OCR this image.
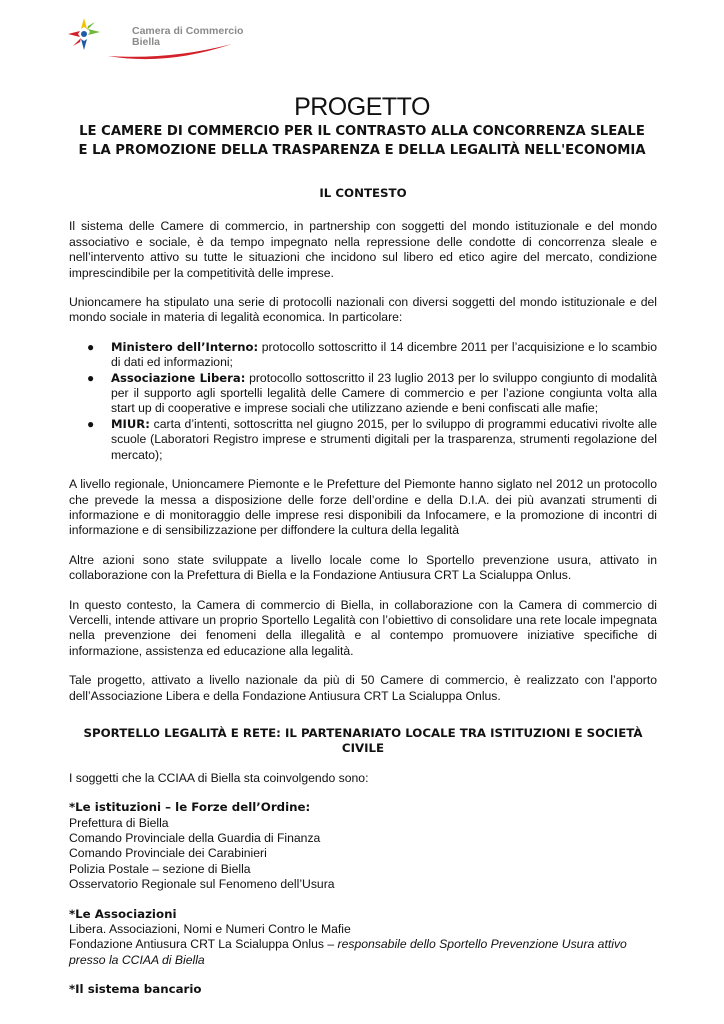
Camera di Commercio
Biella
PROGETTO
LE CAMERE DI COMMERCIO PER IL CONTRASTO ALLA CONCORRENZA SLEALE
E LA PROMOZIONE DELLA TRASPARENZA E DELLA LEGALITÀ NELL'ECONOMIA
IL CONTESTO

Il sistema delle Camere di commercio, in partnership con soggetti del mondo istituzionale e del mondo associativo e sociale, è da tempo impegnato nella repressione delle condotte di concorrenza sleale e nell’intervento attivo su tutte le situazioni che incidono sul libero ed etico agire del mercato, condizione imprescindibile per la competitività delle imprese.

Unioncamere ha stipulato una serie di protocolli nazionali con diversi soggetti del mondo istituzionale e del mondo sociale in materia di legalità economica. In particolare:

● Ministero dell’Interno: protocollo sottoscritto il 14 dicembre 2011 per l’acquisizione e lo scambio di dati ed informazioni;
● Associazione Libera: protocollo sottoscritto il 23 luglio 2013 per lo sviluppo congiunto di modalità per il supporto agli sportelli legalità delle Camere di commercio e per l’azione congiunta volta alla start up di cooperative e imprese sociali che utilizzano aziende e beni confiscati alle mafie;
● MIUR: carta d’intenti, sottoscritta nel giugno 2015, per lo sviluppo di programmi educativi rivolte alle scuole (Laboratori Registro imprese e strumenti digitali per la trasparenza, strumenti regolazione del mercato);

A livello regionale, Unioncamere Piemonte e le Prefetture del Piemonte hanno siglato nel 2012 un protocollo che prevede la messa a disposizione delle forze dell’ordine e della D.I.A. dei più avanzati strumenti di informazione e di monitoraggio delle imprese resi disponibili da Infocamere, e la promozione di incontri di informazione e di sensibilizzazione per diffondere la cultura della legalità

Altre azioni sono state sviluppate a livello locale come lo Sportello prevenzione usura, attivato in collaborazione con la Prefettura di Biella e la Fondazione Antiusura CRT La Scialuppa Onlus.

In questo contesto, la Camera di commercio di Biella, in collaborazione con la Camera di commercio di Vercelli, intende attivare un proprio Sportello Legalità con l’obiettivo di consolidare una rete locale impegnata nella prevenzione dei fenomeni della illegalità e al contempo promuovere iniziative specifiche di informazione, assistenza ed educazione alla legalità.

Tale progetto, attivato a livello nazionale da più di 50 Camere di commercio, è realizzato con l’apporto dell’Associazione Libera e della Fondazione Antiusura CRT La Scialuppa Onlus.

SPORTELLO LEGALITÀ E RETE: IL PARTENARIATO LOCALE TRA ISTITUZIONI E SOCIETÀ CIVILE

I soggetti che la CCIAA di Biella sta coinvolgendo sono:

*Le istituzioni – le Forze dell’Ordine:
Prefettura di Biella
Comando Provinciale della Guardia di Finanza
Comando Provinciale dei Carabinieri
Polizia Postale – sezione di Biella
Osservatorio Regionale sul Fenomeno dell’Usura
*Le Associazioni
Libera. Associazioni, Nomi e Numeri Contro le Mafie
Fondazione Antiusura CRT La Scialuppa Onlus – responsabile dello Sportello Prevenzione Usura attivo presso la CCIAA di Biella
*Il sistema bancario
